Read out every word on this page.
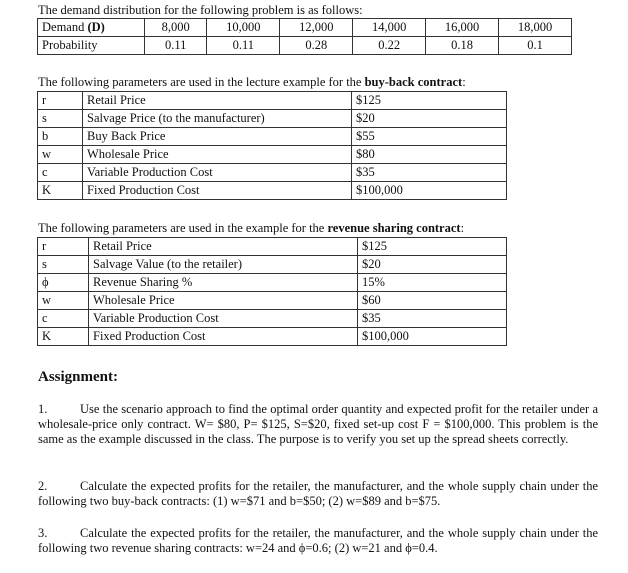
The demand distribution for the following problem is as follows:

Demand (D)	8,000	10,000	12,000	14,000	16,000	18,000
Probability	0.11	0.11	0.28	0.22	0.18	0.1

The following parameters are used in the lecture example for the buy-back contract:

r	Retail Price	$125
s	Salvage Price (to the manufacturer)	$20
b	Buy Back Price	$55
w	Wholesale Price	$80
c	Variable Production Cost	$35
K	Fixed Production Cost	$100,000

The following parameters are used in the example for the revenue sharing contract:

r	Retail Price	$125
s	Salvage Value (to the retailer)	$20
ϕ	Revenue Sharing %	15%
w	Wholesale Price	$60
c	Variable Production Cost	$35
K	Fixed Production Cost	$100,000

Assignment:

1.	Use the scenario approach to find the optimal order quantity and expected profit for the retailer under a wholesale-price only contract. W= $80, P= $125, S=$20, fixed set-up cost F = $100,000. This problem is the same as the example discussed in the class. The purpose is to verify you set up the spread sheets correctly.

2.	Calculate the expected profits for the retailer, the manufacturer, and the whole supply chain under the following two buy-back contracts: (1) w=$71 and b=$50; (2) w=$89 and b=$75.

3.	Calculate the expected profits for the retailer, the manufacturer, and the whole supply chain under the following two revenue sharing contracts: w=24 and ϕ=0.6; (2) w=21 and ϕ=0.4.
